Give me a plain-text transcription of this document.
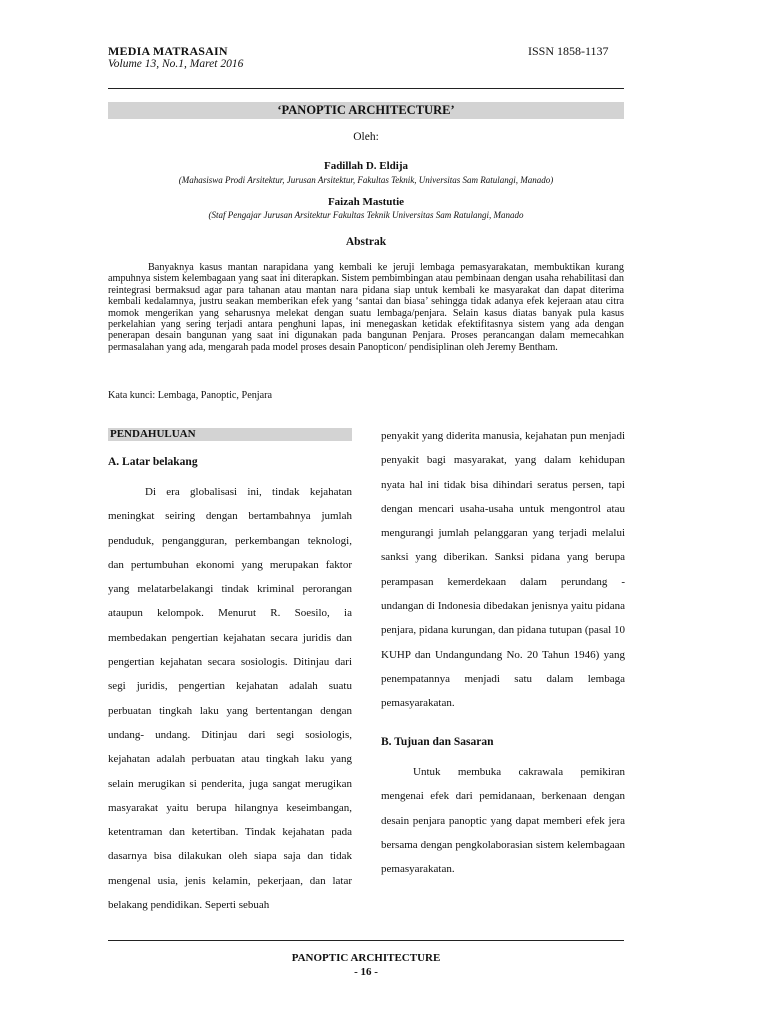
MEDIA MATRASAIN
Volume 13, No.1, Maret 2016
ISSN 1858-1137
‘PANOPTIC ARCHITECTURE’
Oleh:
Fadillah D. Eldija
(Mahasiswa Prodi Arsitektur, Jurusan Arsitektur, Fakultas Teknik, Universitas Sam Ratulangi, Manado)
Faizah Mastutie
(Staf Pengajar Jurusan Arsitektur Fakultas Teknik Universitas Sam Ratulangi, Manado
Abstrak

Banyaknya kasus mantan narapidana yang kembali ke jeruji lembaga pemasyarakatan, membuktikan kurang ampuhnya sistem kelembagaan yang saat ini diterapkan. Sistem pembimbingan atau pembinaan dengan usaha rehabilitasi dan reintegrasi bermaksud agar para tahanan atau mantan nara pidana siap untuk kembali ke masyarakat dan dapat diterima kembali kedalamnya, justru seakan memberikan efek yang ‘santai dan biasa’ sehingga tidak adanya efek kejeraan atau citra momok mengerikan yang seharusnya melekat dengan suatu lembaga/penjara. Selain kasus diatas banyak pula kasus perkelahian yang sering terjadi antara penghuni lapas, ini menegaskan ketidak efektifitasnya sistem yang ada dengan penerapan desain bangunan yang saat ini digunakan pada bangunan Penjara. Proses perancangan dalam memecahkan permasalahan yang ada, mengarah pada model proses desain Panopticon/ pendisiplinan oleh Jeremy Bentham.

Kata kunci: Lembaga, Panoptic, Penjara
PENDAHULUAN
A. Latar belakang

Di era globalisasi ini, tindak kejahatan meningkat seiring dengan bertambahnya jumlah penduduk, pengangguran, perkembangan teknologi, dan pertumbuhan ekonomi yang merupakan faktor yang melatarbelakangi tindak kriminal perorangan ataupun kelompok. Menurut R. Soesilo, ia membedakan pengertian kejahatan secara juridis dan pengertian kejahatan secara sosiologis. Ditinjau dari segi juridis, pengertian kejahatan adalah suatu perbuatan tingkah laku yang bertentangan dengan undang- undang. Ditinjau dari segi sosiologis, kejahatan adalah perbuatan atau tingkah laku yang selain merugikan si penderita, juga sangat merugikan masyarakat yaitu berupa hilangnya keseimbangan, ketentraman dan ketertiban. Tindak kejahatan pada dasarnya bisa dilakukan oleh siapa saja dan tidak mengenal usia, jenis kelamin, pekerjaan, dan latar belakang pendidikan. Seperti sebuah

penyakit yang diderita manusia, kejahatan pun menjadi penyakit bagi masyarakat, yang dalam kehidupan nyata hal ini tidak bisa dihindari seratus persen, tapi dengan mencari usaha-usaha untuk mengontrol atau mengurangi jumlah pelanggaran yang terjadi melalui sanksi yang diberikan. Sanksi pidana yang berupa perampasan kemerdekaan dalam perundang - undangan di Indonesia dibedakan jenisnya yaitu pidana penjara, pidana kurungan, dan pidana tutupan (pasal 10 KUHP dan Undangundang No. 20 Tahun 1946) yang penempatannya menjadi satu dalam lembaga pemasyarakatan.

B. Tujuan dan Sasaran

Untuk membuka cakrawala pemikiran mengenai efek dari pemidanaan, berkenaan dengan desain penjara panoptic yang dapat memberi efek jera bersama dengan pengkolaborasian sistem kelembagaan pemasyarakatan.

PANOPTIC ARCHITECTURE
- 16 -
